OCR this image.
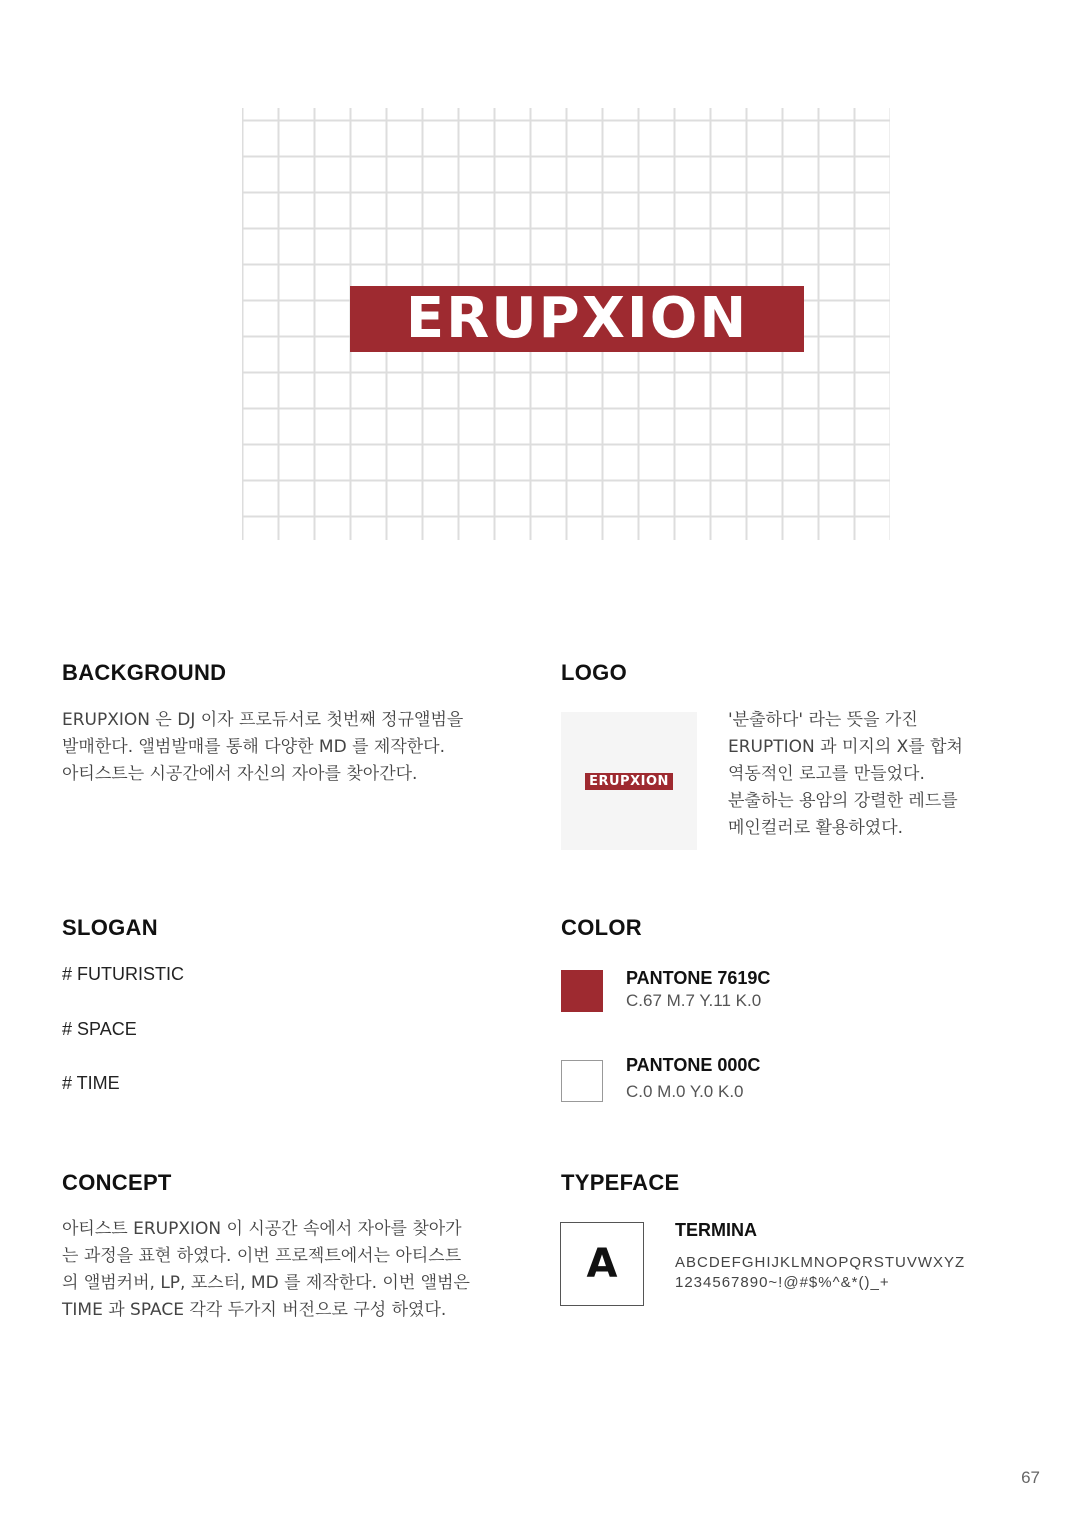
ERUPXION
BACKGROUND

ERUPXION 은 DJ 이자 프로듀서로 첫번째 정규앨범을

발매한다. 앨범발매를 통해 다양한 MD 를 제작한다.

아티스트는 시공간에서 자신의 자아를 찾아간다.

LOGO
ERUPXION

'분출하다' 라는 뜻을 가진

ERUPTION 과 미지의 X를 합쳐

역동적인 로고를 만들었다.

분출하는 용암의 강렬한 레드를

메인컬러로 활용하였다.

SLOGAN

# FUTURISTIC

# SPACE

# TIME

COLOR

PANTONE 7619C

C.67 M.7 Y.11 K.0

PANTONE 000C

C.0 M.0 Y.0 K.0

CONCEPT

아티스트 ERUPXION 이 시공간 속에서 자아를 찾아가

는 과정을 표현 하였다. 이번 프로젝트에서는 아티스트

의 앨범커버, LP, 포스터, MD 를 제작한다. 이번 앨범은

TIME 과 SPACE 각각 두가지 버전으로 구성 하였다.

TYPEFACE
A

TERMINA

ABCDEFGHIJKLMNOPQRSTUVWXYZ

1234567890~!@#$%^&*()_+

67
